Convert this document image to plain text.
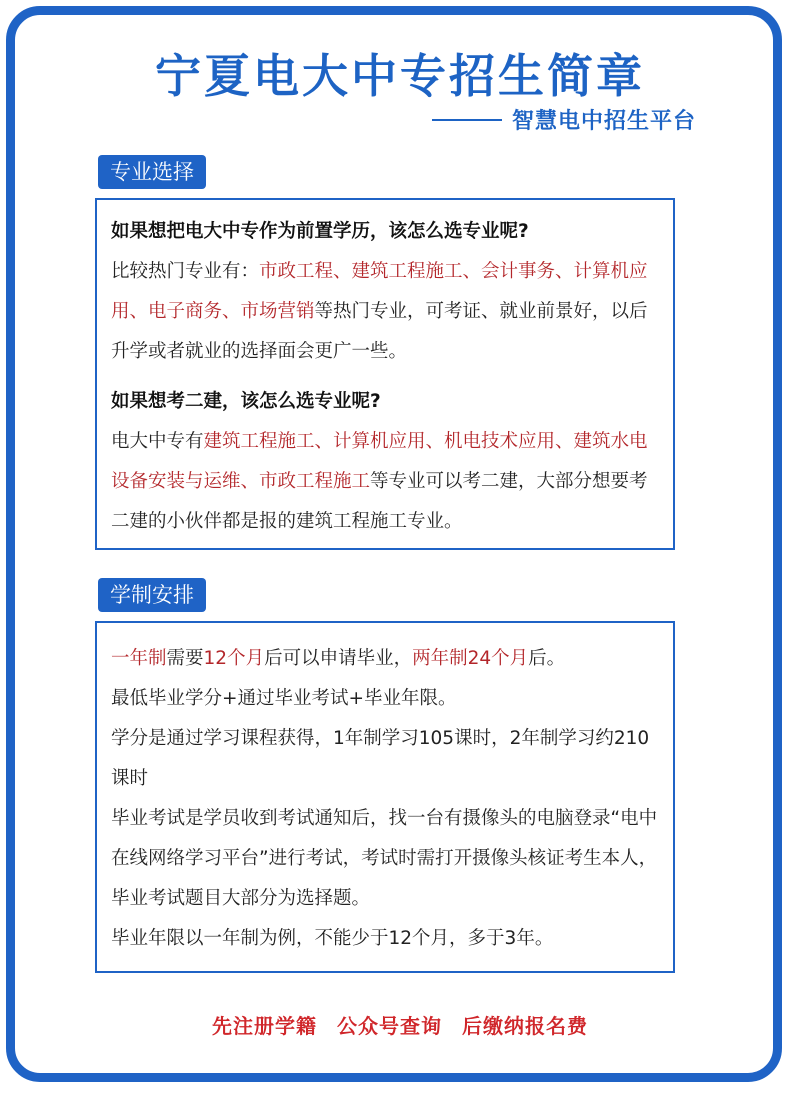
宁夏电大中专招生简章
智慧电中招生平台
专业选择

如果想把电大中专作为前置学历，该怎么选专业呢?

比较热门专业有：市政工程、建筑工程施工、会计事务、计算机应用、电子商务、市场营销等热门专业，可考证、就业前景好，以后升学或者就业的选择面会更广一些。

如果想考二建，该怎么选专业呢?

电大中专有建筑工程施工、计算机应用、机电技术应用、建筑水电设备安装与运维、市政工程施工等专业可以考二建，大部分想要考二建的小伙伴都是报的建筑工程施工专业。

学制安排

一年制需要12个月后可以申请毕业，两年制24个月后。

最低毕业学分+通过毕业考试+毕业年限。

学分是通过学习课程获得，1年制学习105课时，2年制学习约210课时

毕业考试是学员收到考试通知后，找一台有摄像头的电脑登录“电中在线网络学习平台”进行考试，考试时需打开摄像头核证考生本人，毕业考试题目大部分为选择题。

毕业年限以一年制为例，不能少于12个月，多于3年。

先注册学籍 公众号查询 后缴纳报名费
